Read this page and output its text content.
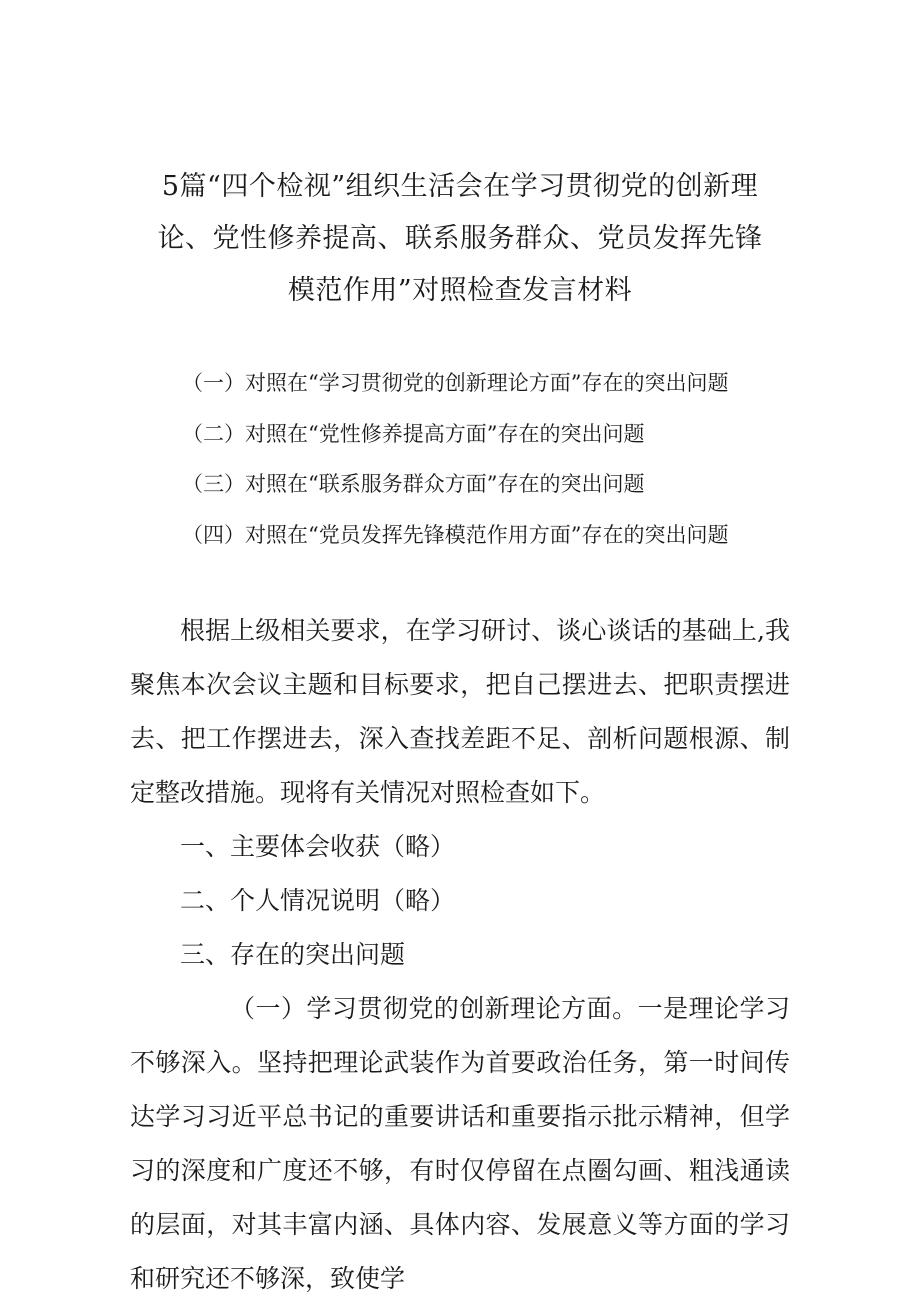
5篇“四个检视”组织生活会在学习贯彻党的创新理
论、党性修养提高、联系服务群众、党员发挥先锋
模范作用”对照检查发言材料
（一）对照在“学习贯彻党的创新理论方面”存在的突出问题
（二）对照在“党性修养提高方面”存在的突出问题
（三）对照在“联系服务群众方面”存在的突出问题
（四）对照在“党员发挥先锋模范作用方面”存在的突出问题

根据上级相关要求，在学习研讨、谈心谈话的基础上,我聚焦本次会议主题和目标要求，把自己摆进去、把职责摆进去、把工作摆进去，深入查找差距不足、剖析问题根源、制定整改措施。现将有关情况对照检查如下。

一、主要体会收获（略）

二、个人情况说明（略）

三、存在的突出问题

（一）学习贯彻党的创新理论方面。一是理论学习不够深入。坚持把理论武装作为首要政治任务，第一时间传达学习习近平总书记的重要讲话和重要指示批示精神，但学习的深度和广度还不够，有时仅停留在点圈勾画、粗浅通读的层面，对其丰富内涵、具体内容、发展意义等方面的学习和研究还不够深，致使学
